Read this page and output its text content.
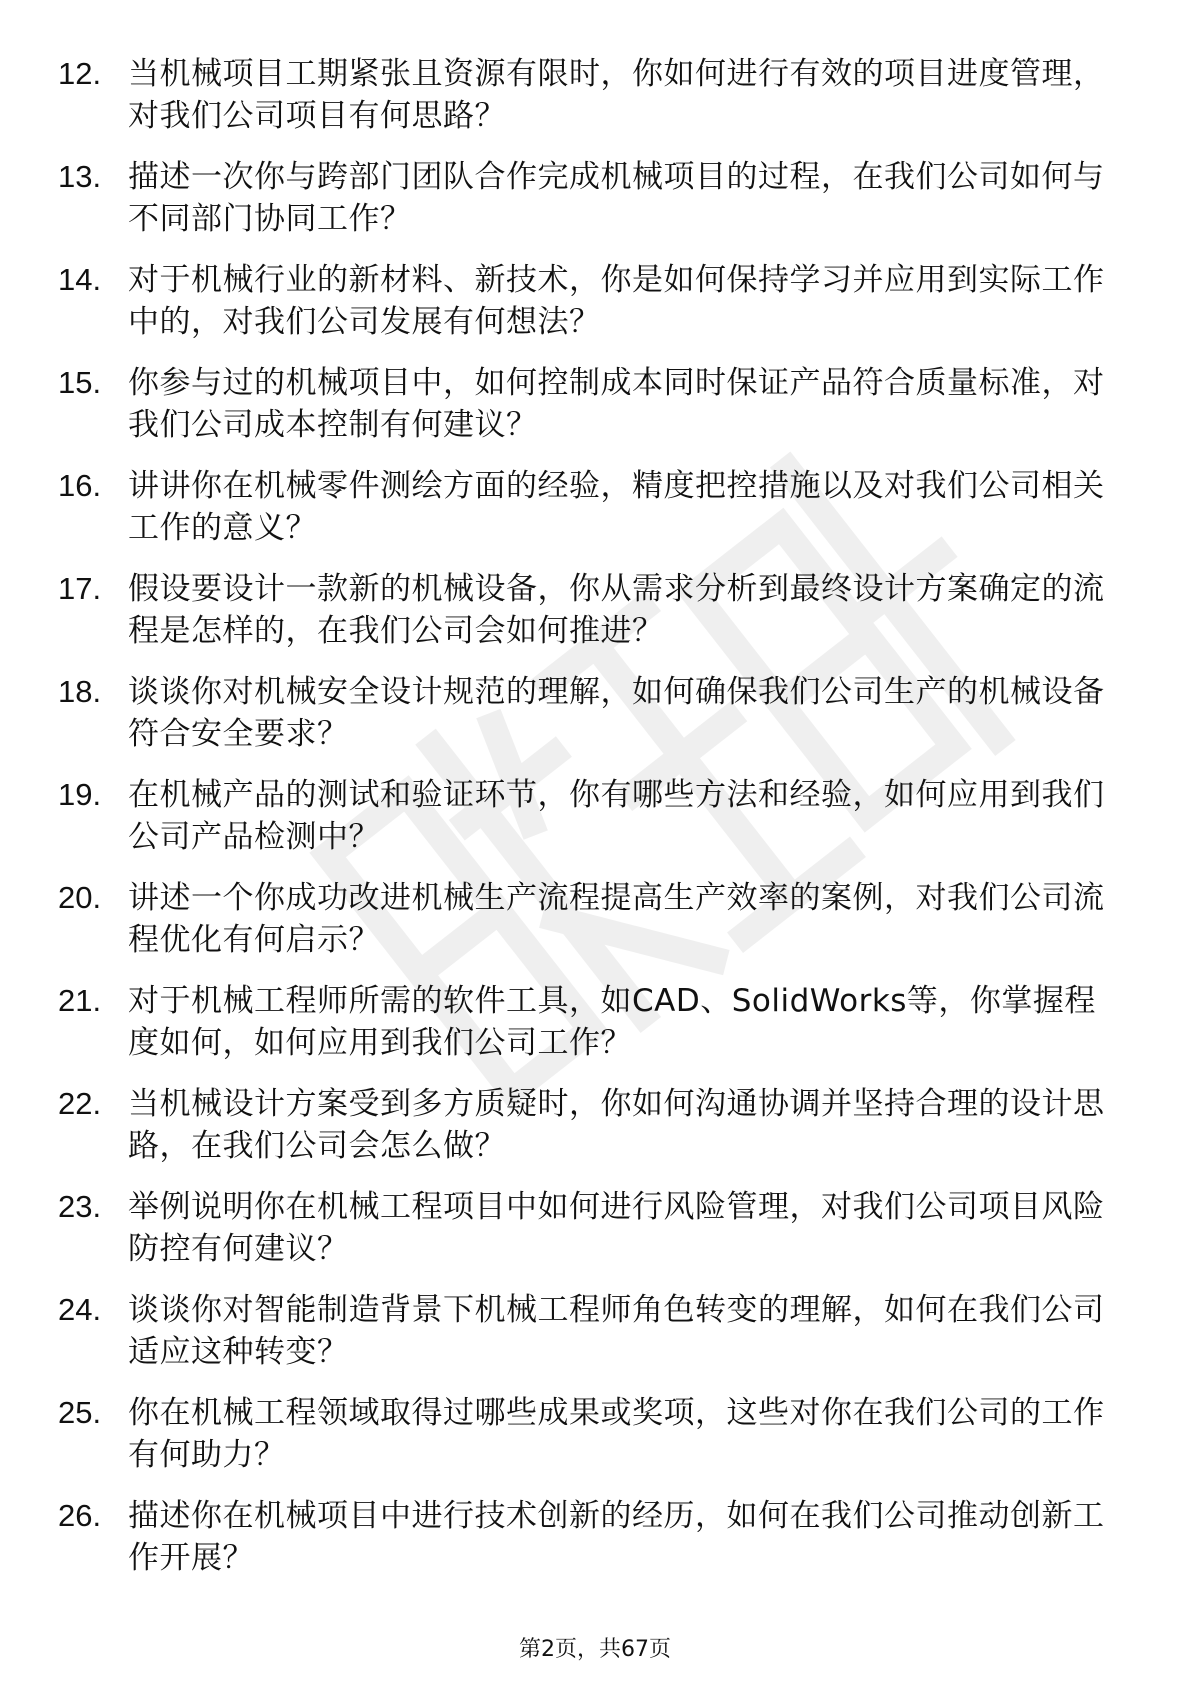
12. 当机械项目工期紧张且资源有限时，你如何进行有效的项目进度管理，对我们公司项目有何思路？
13. 描述一次你与跨部门团队合作完成机械项目的过程，在我们公司如何与不同部门协同工作？
14. 对于机械行业的新材料、新技术，你是如何保持学习并应用到实际工作中的，对我们公司发展有何想法？
15. 你参与过的机械项目中，如何控制成本同时保证产品符合质量标准，对我们公司成本控制有何建议？
16. 讲讲你在机械零件测绘方面的经验，精度把控措施以及对我们公司相关工作的意义？
17. 假设要设计一款新的机械设备，你从需求分析到最终设计方案确定的流程是怎样的，在我们公司会如何推进？
18. 谈谈你对机械安全设计规范的理解，如何确保我们公司生产的机械设备符合安全要求？
19. 在机械产品的测试和验证环节，你有哪些方法和经验，如何应用到我们公司产品检测中？
20. 讲述一个你成功改进机械生产流程提高生产效率的案例，对我们公司流程优化有何启示？
21. 对于机械工程师所需的软件工具，如CAD、SolidWorks等，你掌握程度如何，如何应用到我们公司工作？
22. 当机械设计方案受到多方质疑时，你如何沟通协调并坚持合理的设计思路，在我们公司会怎么做？
23. 举例说明你在机械工程项目中如何进行风险管理，对我们公司项目风险防控有何建议？
24. 谈谈你对智能制造背景下机械工程师角色转变的理解，如何在我们公司适应这种转变？
25. 你在机械工程领域取得过哪些成果或奖项，这些对你在我们公司的工作有何助力？
26. 描述你在机械项目中进行技术创新的经历，如何在我们公司推动创新工作开展？
第2页，共67页
